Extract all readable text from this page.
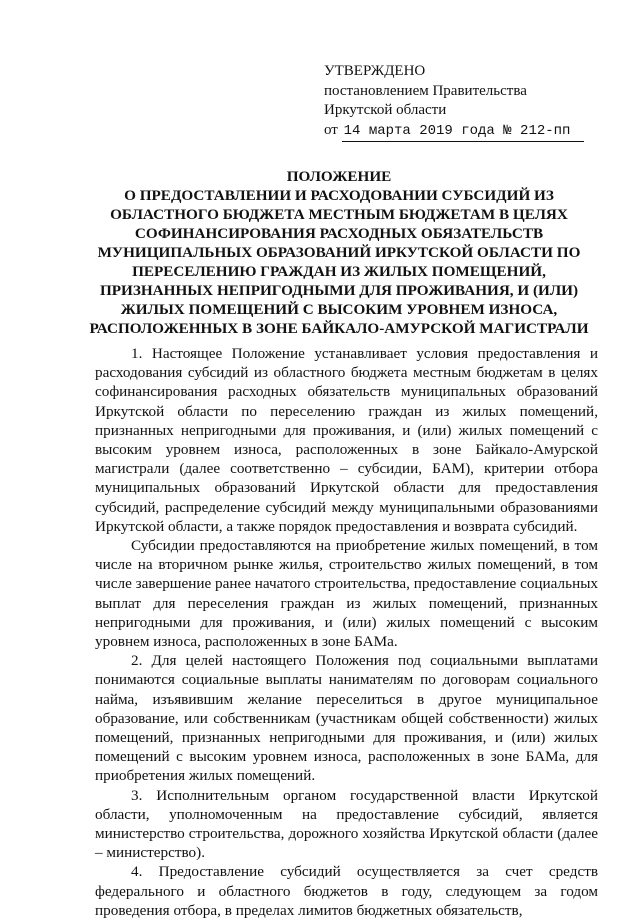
УТВЕРЖДЕНО
постановлением Правительства
Иркутской области
от 14 марта 2019 года № 212-пп
ПОЛОЖЕНИЕ
О ПРЕДОСТАВЛЕНИИ И РАСХОДОВАНИИ СУБСИДИЙ ИЗ ОБЛАСТНОГО БЮДЖЕТА МЕСТНЫМ БЮДЖЕТАМ В ЦЕЛЯХ СОФИНАНСИРОВАНИЯ РАСХОДНЫХ ОБЯЗАТЕЛЬСТВ МУНИЦИПАЛЬНЫХ ОБРАЗОВАНИЙ ИРКУТСКОЙ ОБЛАСТИ ПО ПЕРЕСЕЛЕНИЮ ГРАЖДАН ИЗ ЖИЛЫХ ПОМЕЩЕНИЙ, ПРИЗНАННЫХ НЕПРИГОДНЫМИ ДЛЯ ПРОЖИВАНИЯ, И (ИЛИ) ЖИЛЫХ ПОМЕЩЕНИЙ С ВЫСОКИМ УРОВНЕМ ИЗНОСА, РАСПОЛОЖЕННЫХ В ЗОНЕ БАЙКАЛО-АМУРСКОЙ МАГИСТРАЛИ

1. Настоящее Положение устанавливает условия предоставления и расходования субсидий из областного бюджета местным бюджетам в целях софинансирования расходных обязательств муниципальных образований Иркутской области по переселению граждан из жилых помещений, признанных непригодными для проживания, и (или) жилых помещений с высоким уровнем износа, расположенных в зоне Байкало-Амурской магистрали (далее соответственно – субсидии, БАМ), критерии отбора муниципальных образований Иркутской области для предоставления субсидий, распределение субсидий между муниципальными образованиями Иркутской области, а также порядок предоставления и возврата субсидий.

Субсидии предоставляются на приобретение жилых помещений, в том числе на вторичном рынке жилья, строительство жилых помещений, в том числе завершение ранее начатого строительства, предоставление социальных выплат для переселения граждан из жилых помещений, признанных непригодными для проживания, и (или) жилых помещений с высоким уровнем износа, расположенных в зоне БАМа.

2. Для целей настоящего Положения под социальными выплатами понимаются социальные выплаты нанимателям по договорам социального найма, изъявившим желание переселиться в другое муниципальное образование, или собственникам (участникам общей собственности) жилых помещений, признанных непригодными для проживания, и (или) жилых помещений с высоким уровнем износа, расположенных в зоне БАМа, для приобретения жилых помещений.

3. Исполнительным органом государственной власти Иркутской области, уполномоченным на предоставление субсидий, является министерство строительства, дорожного хозяйства Иркутской области (далее – министерство).

4. Предоставление субсидий осуществляется за счет средств федерального и областного бюджетов в году, следующем за годом проведения отбора, в пределах лимитов бюджетных обязательств,
